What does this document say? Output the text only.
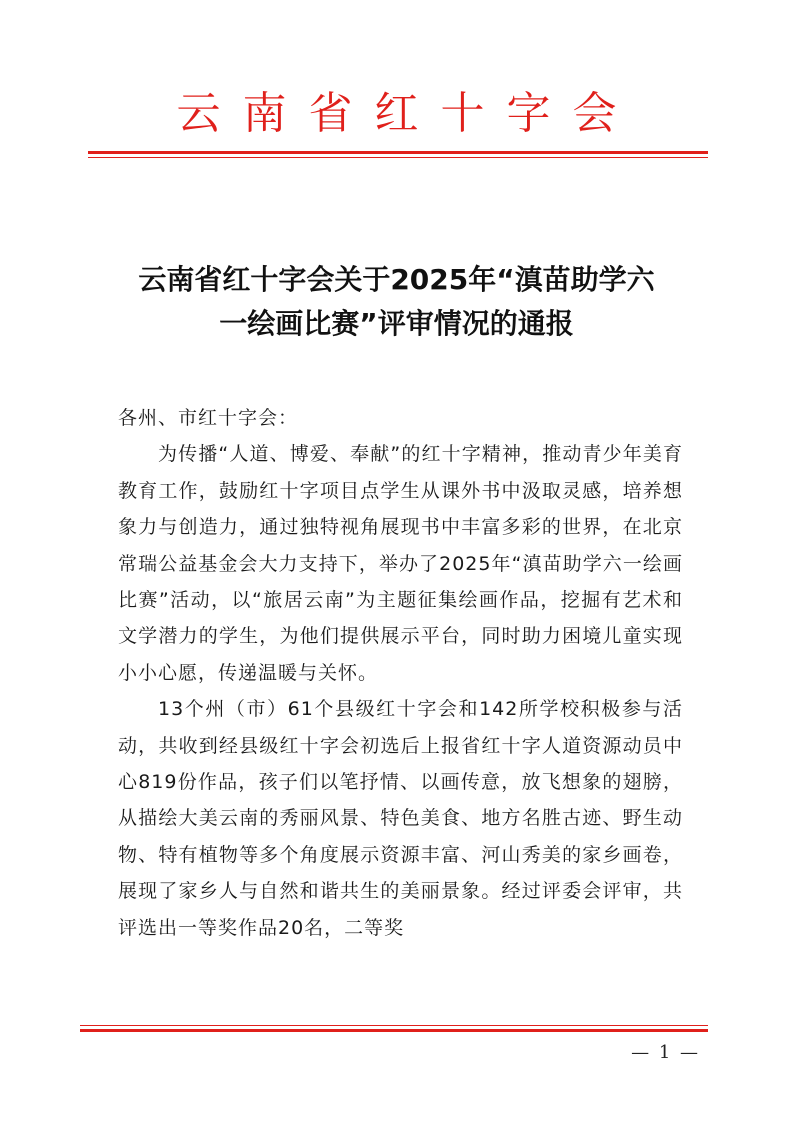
云南省红十字会
云南省红十字会关于2025年“滇苗助学六
一绘画比赛”评审情况的通报

各州、市红十字会：

为传播“人道、博爱、奉献”的红十字精神，推动青少年美育教育工作，鼓励红十字项目点学生从课外书中汲取灵感，培养想象力与创造力，通过独特视角展现书中丰富多彩的世界，在北京常瑞公益基金会大力支持下，举办了2025年“滇苗助学六一绘画比赛”活动，以“旅居云南”为主题征集绘画作品，挖掘有艺术和文学潜力的学生，为他们提供展示平台，同时助力困境儿童实现小小心愿，传递温暖与关怀。

13个州（市）61个县级红十字会和142所学校积极参与活动，共收到经县级红十字会初选后上报省红十字人道资源动员中心819份作品，孩子们以笔抒情、以画传意，放飞想象的翅膀，从描绘大美云南的秀丽风景、特色美食、地方名胜古迹、野生动物、特有植物等多个角度展示资源丰富、河山秀美的家乡画卷，展现了家乡人与自然和谐共生的美丽景象。经过评委会评审，共评选出一等奖作品20名，二等奖

— 1 —
